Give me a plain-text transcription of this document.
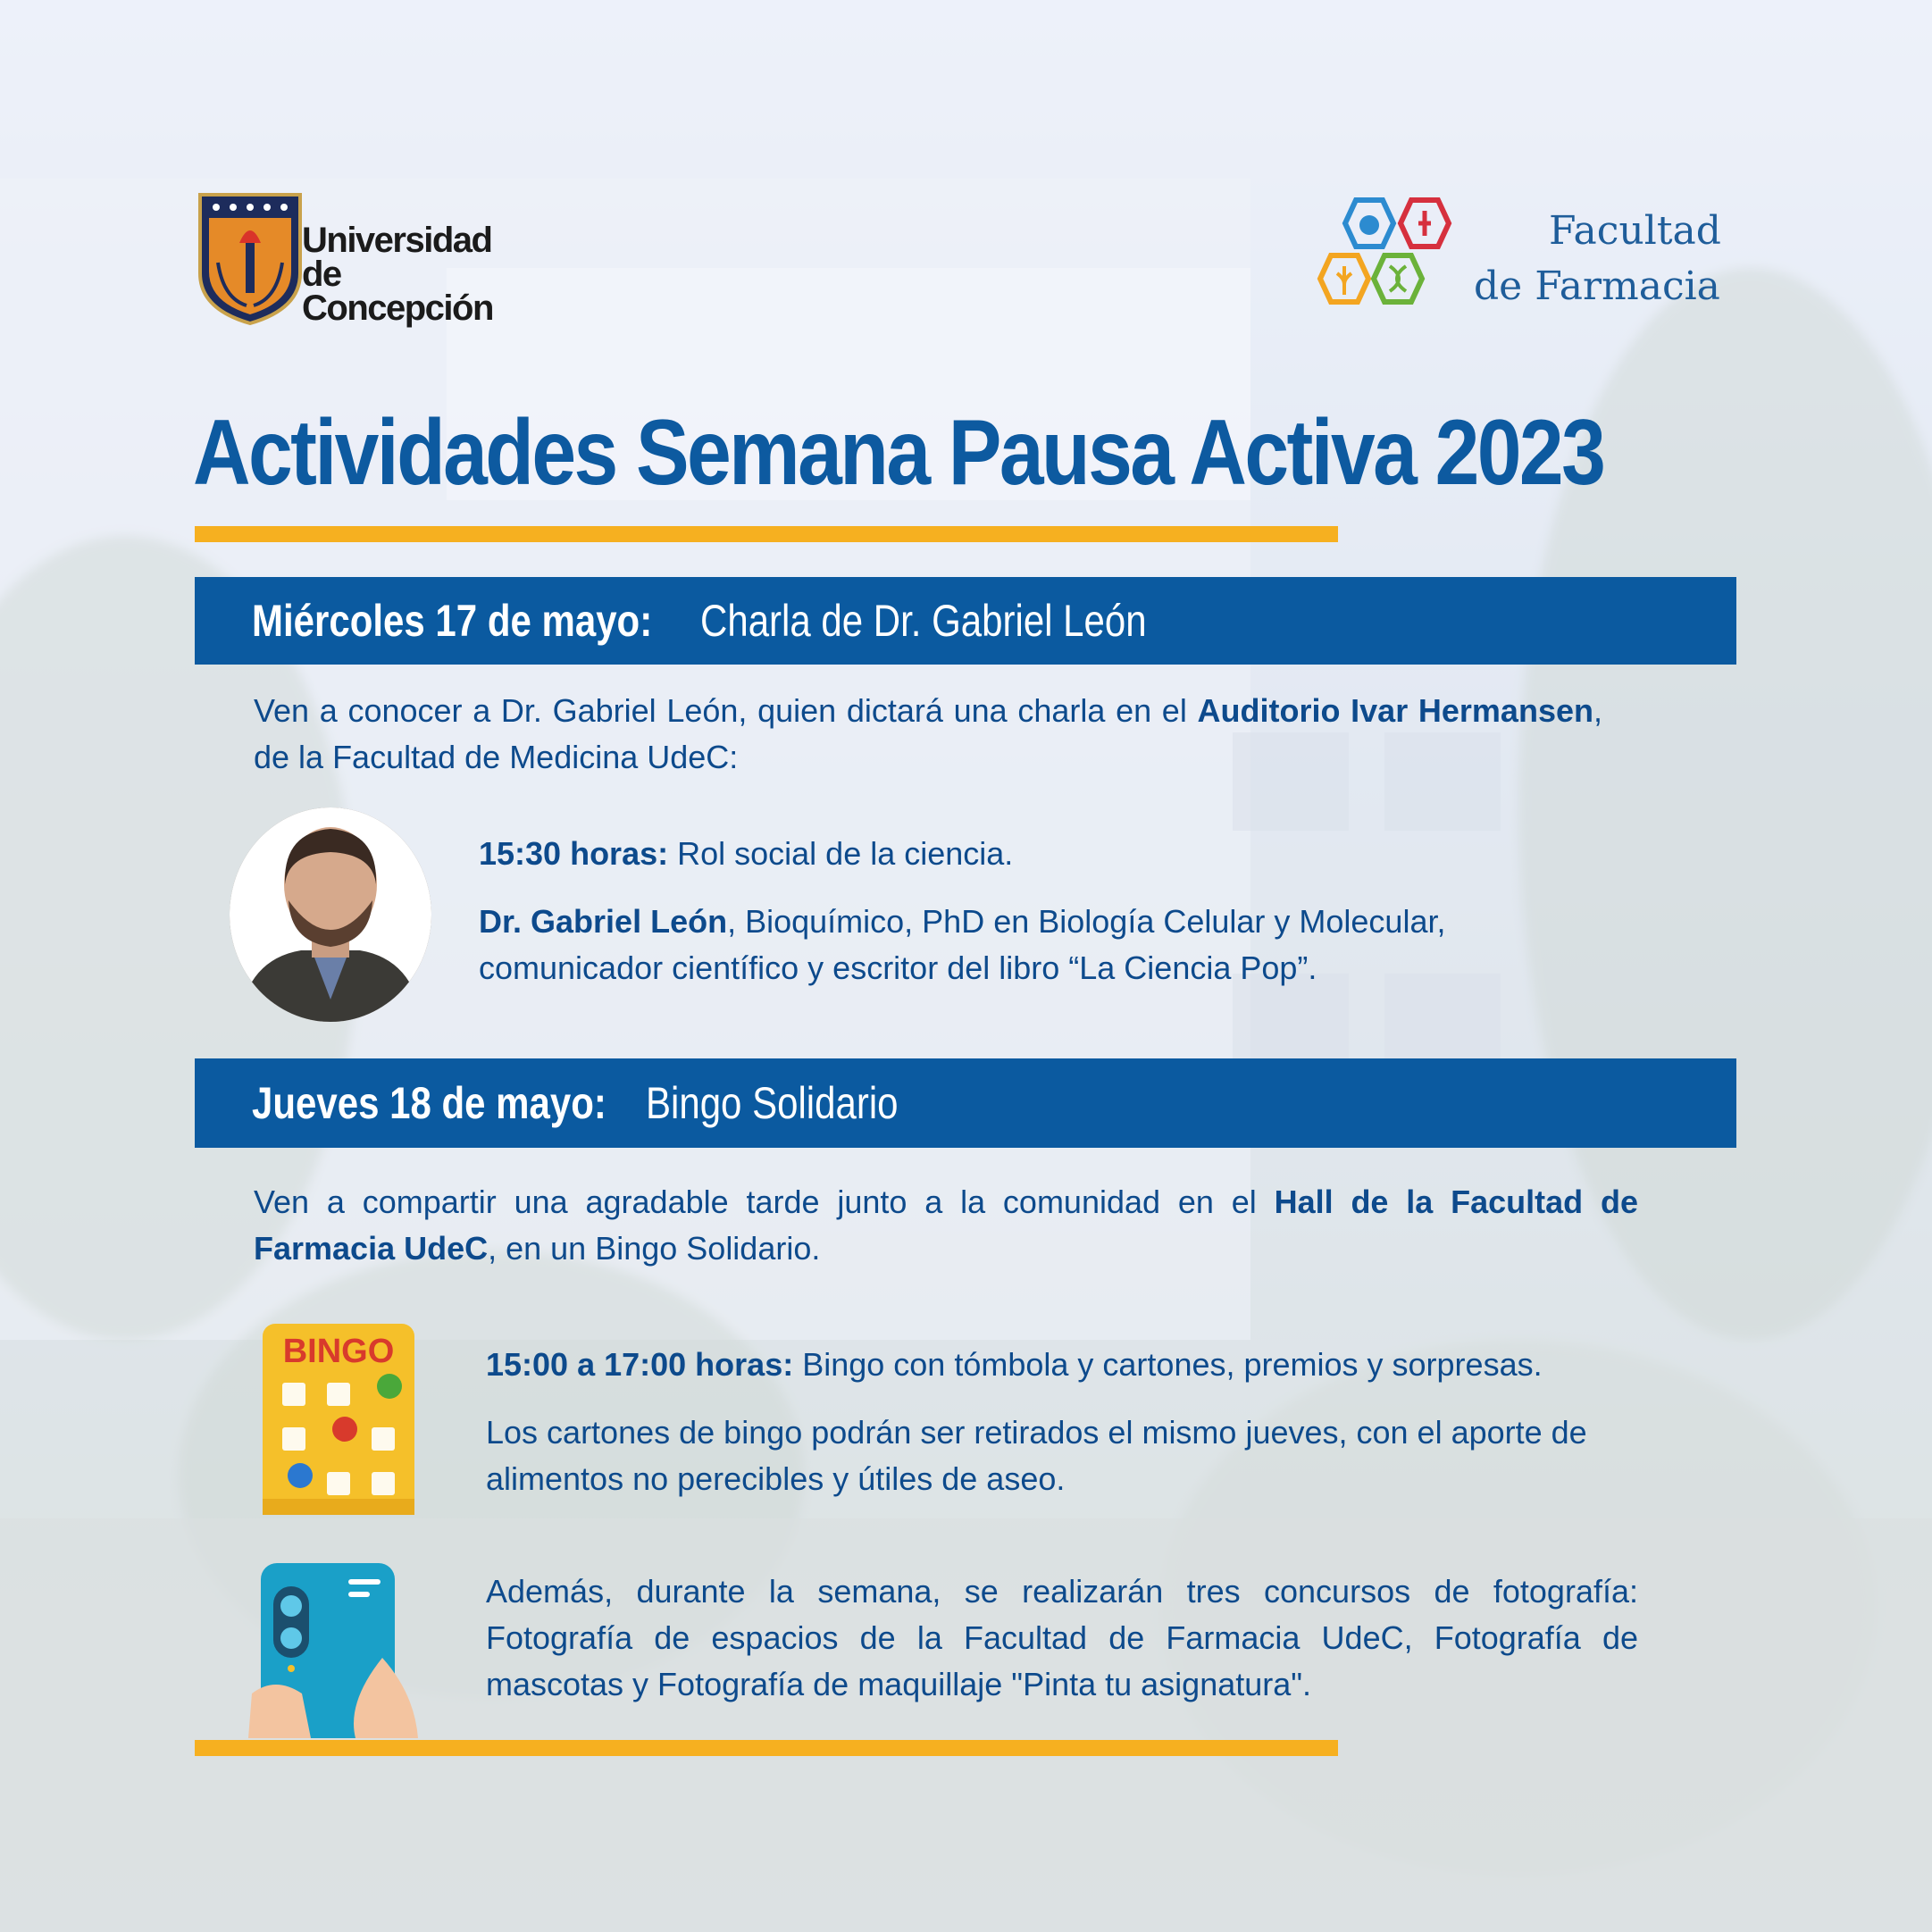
Universidad
de Concepción
Facultad
de Farmacia
Actividades Semana Pausa Activa 2023
Miércoles 17 de mayo: Charla de Dr. Gabriel León

Ven a conocer a Dr. Gabriel León, quien dictará una charla en el Auditorio Ivar Hermansen, de la Facultad de Medicina UdeC:

15:30 horas: Rol social de la ciencia.

Dr. Gabriel León, Bioquímico, PhD en Biología Celular y Molecular, comunicador científico y escritor del libro “La Ciencia Pop”.

Jueves 18 de mayo: Bingo Solidario

Ven a compartir una agradable tarde junto a la comunidad en el Hall de la Facultad de Farmacia UdeC, en un Bingo Solidario.

BINGO	15:00 a 17:00 horas: Bingo con tómbola y cartones, premios y sorpresas.

Los cartones de bingo podrán ser retirados el mismo jueves, con el aporte de alimentos no perecibles y útiles de aseo.

Además, durante la semana, se realizarán tres concursos de fotografía: Fotografía de espacios de la Facultad de Farmacia UdeC, Fotografía de mascotas y Fotografía de maquillaje "Pinta tu asignatura".
